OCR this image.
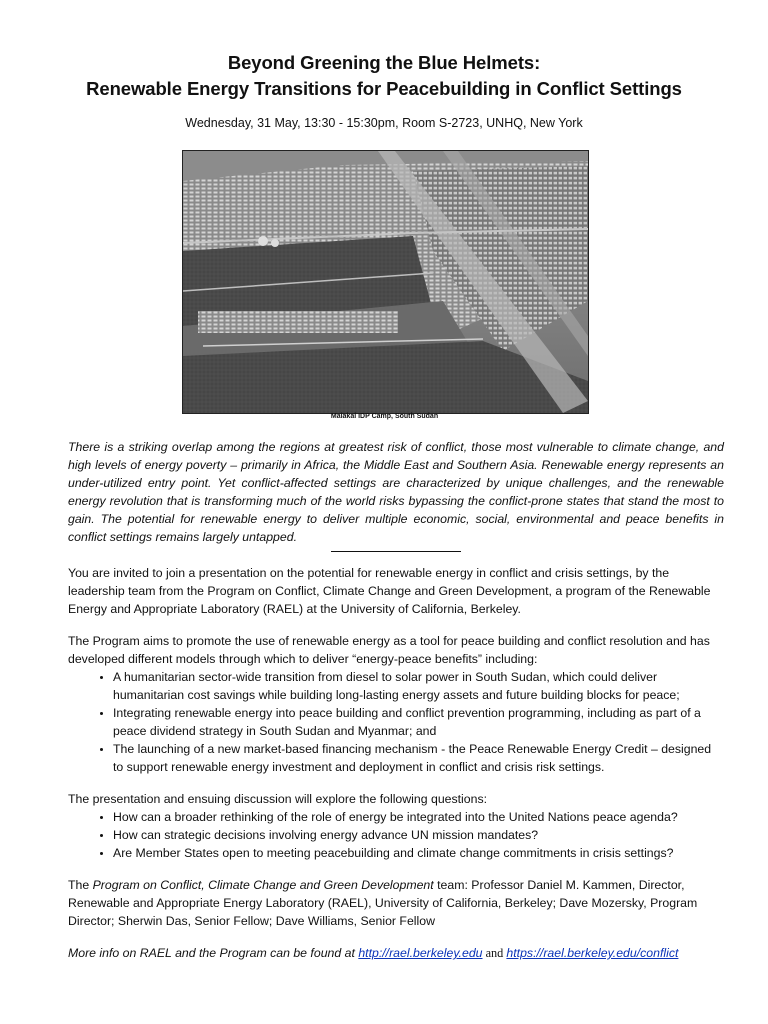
Beyond Greening the Blue Helmets:
Renewable Energy Transitions for Peacebuilding in Conflict Settings
Wednesday, 31 May, 13:30 - 15:30pm, Room S-2723, UNHQ, New York
Malakal IDP Camp, South Sudan

There is a striking overlap among the regions at greatest risk of conflict, those most vulnerable to climate change, and high levels of energy poverty – primarily in Africa, the Middle East and Southern Asia. Renewable energy represents an under-utilized entry point. Yet conflict-affected settings are characterized by unique challenges, and the renewable energy revolution that is transforming much of the world risks bypassing the conflict-prone states that stand the most to gain. The potential for renewable energy to deliver multiple economic, social, environmental and peace benefits in conflict settings remains largely untapped.

You are invited to join a presentation on the potential for renewable energy in conflict and crisis settings, by the leadership team from the Program on Conflict, Climate Change and Green Development, a program of the Renewable Energy and Appropriate Laboratory (RAEL) at the University of California, Berkeley.

The Program aims to promote the use of renewable energy as a tool for peace building and conflict resolution and has developed different models through which to deliver “energy-peace benefits” including:
• A humanitarian sector-wide transition from diesel to solar power in South Sudan, which could deliver humanitarian cost savings while building long-lasting energy assets and future building blocks for peace;
• Integrating renewable energy into peace building and conflict prevention programming, including as part of a peace dividend strategy in South Sudan and Myanmar; and
• The launching of a new market-based financing mechanism - the Peace Renewable Energy Credit – designed to support renewable energy investment and deployment in conflict and crisis risk settings.
The presentation and ensuing discussion will explore the following questions:
• How can a broader rethinking of the role of energy be integrated into the United Nations peace agenda?
• How can strategic decisions involving energy advance UN mission mandates?
• Are Member States open to meeting peacebuilding and climate change commitments in crisis settings?

The Program on Conflict, Climate Change and Green Development team: Professor Daniel M. Kammen, Director, Renewable and Appropriate Energy Laboratory (RAEL), University of California, Berkeley; Dave Mozersky, Program Director; Sherwin Das, Senior Fellow; Dave Williams, Senior Fellow

More info on RAEL and the Program can be found at http://rael.berkeley.edu and https://rael.berkeley.edu/conflict
